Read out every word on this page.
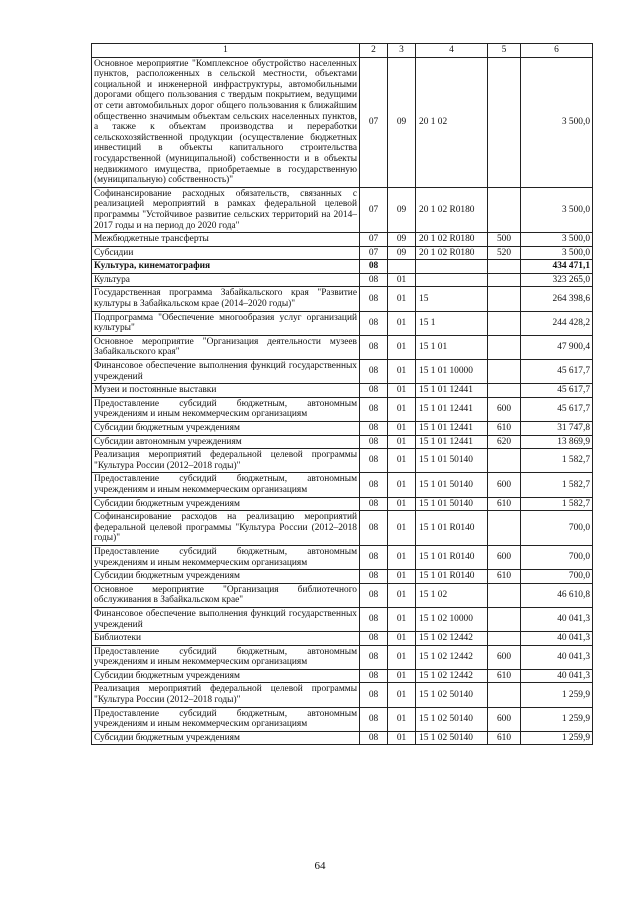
1	2	3	4	5	6
Основное мероприятие "Комплексное обустройство населенных пунктов, расположенных в сельской местности, объектами социальной и инженерной инфраструктуры, автомобильными дорогами общего пользования с твердым покрытием, ведущими от сети автомобильных дорог общего пользования к ближайшим общественно значимым объектам сельских населенных пунктов, а также к объектам производства и переработки сельскохозяйственной продукции (осуществление бюджетных инвестиций в объекты капитального строительства государственной (муниципальной) собственности и в объекты недвижимого имущества, приобретаемые в государственную (муниципальную) собственность)"	07	09	20 1 02		3 500,0
Софинансирование расходных обязательств, связанных с реализацией мероприятий в рамках федеральной целевой программы "Устойчивое развитие сельских территорий на 2014–2017 годы и на период до 2020 года"	07	09	20 1 02 R0180		3 500,0
Межбюджетные трансферты	07	09	20 1 02 R0180	500	3 500,0
Субсидии	07	09	20 1 02 R0180	520	3 500,0
Культура, кинематография	08				434 471,1
Культура	08	01			323 265,0
Государственная программа Забайкальского края "Развитие культуры в Забайкальском крае (2014–2020 годы)"	08	01	15		264 398,6
Подпрограмма "Обеспечение многообразия услуг организаций культуры"	08	01	15 1		244 428,2
Основное мероприятие "Организация деятельности музеев Забайкальского края"	08	01	15 1 01		47 900,4
Финансовое обеспечение выполнения функций государственных учреждений	08	01	15 1 01 10000		45 617,7
Музеи и постоянные выставки	08	01	15 1 01 12441		45 617,7
Предоставление субсидий бюджетным, автономным учреждениям и иным некоммерческим организациям	08	01	15 1 01 12441	600	45 617,7
Субсидии бюджетным учреждениям	08	01	15 1 01 12441	610	31 747,8
Субсидии автономным учреждениям	08	01	15 1 01 12441	620	13 869,9
Реализация мероприятий федеральной целевой программы "Культура России (2012–2018 годы)"	08	01	15 1 01 50140		1 582,7
Предоставление субсидий бюджетным, автономным учреждениям и иным некоммерческим организациям	08	01	15 1 01 50140	600	1 582,7
Субсидии бюджетным учреждениям	08	01	15 1 01 50140	610	1 582,7
Софинансирование расходов на реализацию мероприятий федеральной целевой программы "Культура России (2012–2018 годы)"	08	01	15 1 01 R0140		700,0
Предоставление субсидий бюджетным, автономным учреждениям и иным некоммерческим организациям	08	01	15 1 01 R0140	600	700,0
Субсидии бюджетным учреждениям	08	01	15 1 01 R0140	610	700,0
Основное мероприятие "Организация библиотечного обслуживания в Забайкальском крае"	08	01	15 1 02		46 610,8
Финансовое обеспечение выполнения функций государственных учреждений	08	01	15 1 02 10000		40 041,3
Библиотеки	08	01	15 1 02 12442		40 041,3
Предоставление субсидий бюджетным, автономным учреждениям и иным некоммерческим организациям	08	01	15 1 02 12442	600	40 041,3
Субсидии бюджетным учреждениям	08	01	15 1 02 12442	610	40 041,3
Реализация мероприятий федеральной целевой программы "Культура России (2012–2018 годы)"	08	01	15 1 02 50140		1 259,9
Предоставление субсидий бюджетным, автономным учреждениям и иным некоммерческим организациям	08	01	15 1 02 50140	600	1 259,9
Субсидии бюджетным учреждениям	08	01	15 1 02 50140	610	1 259,9
64
